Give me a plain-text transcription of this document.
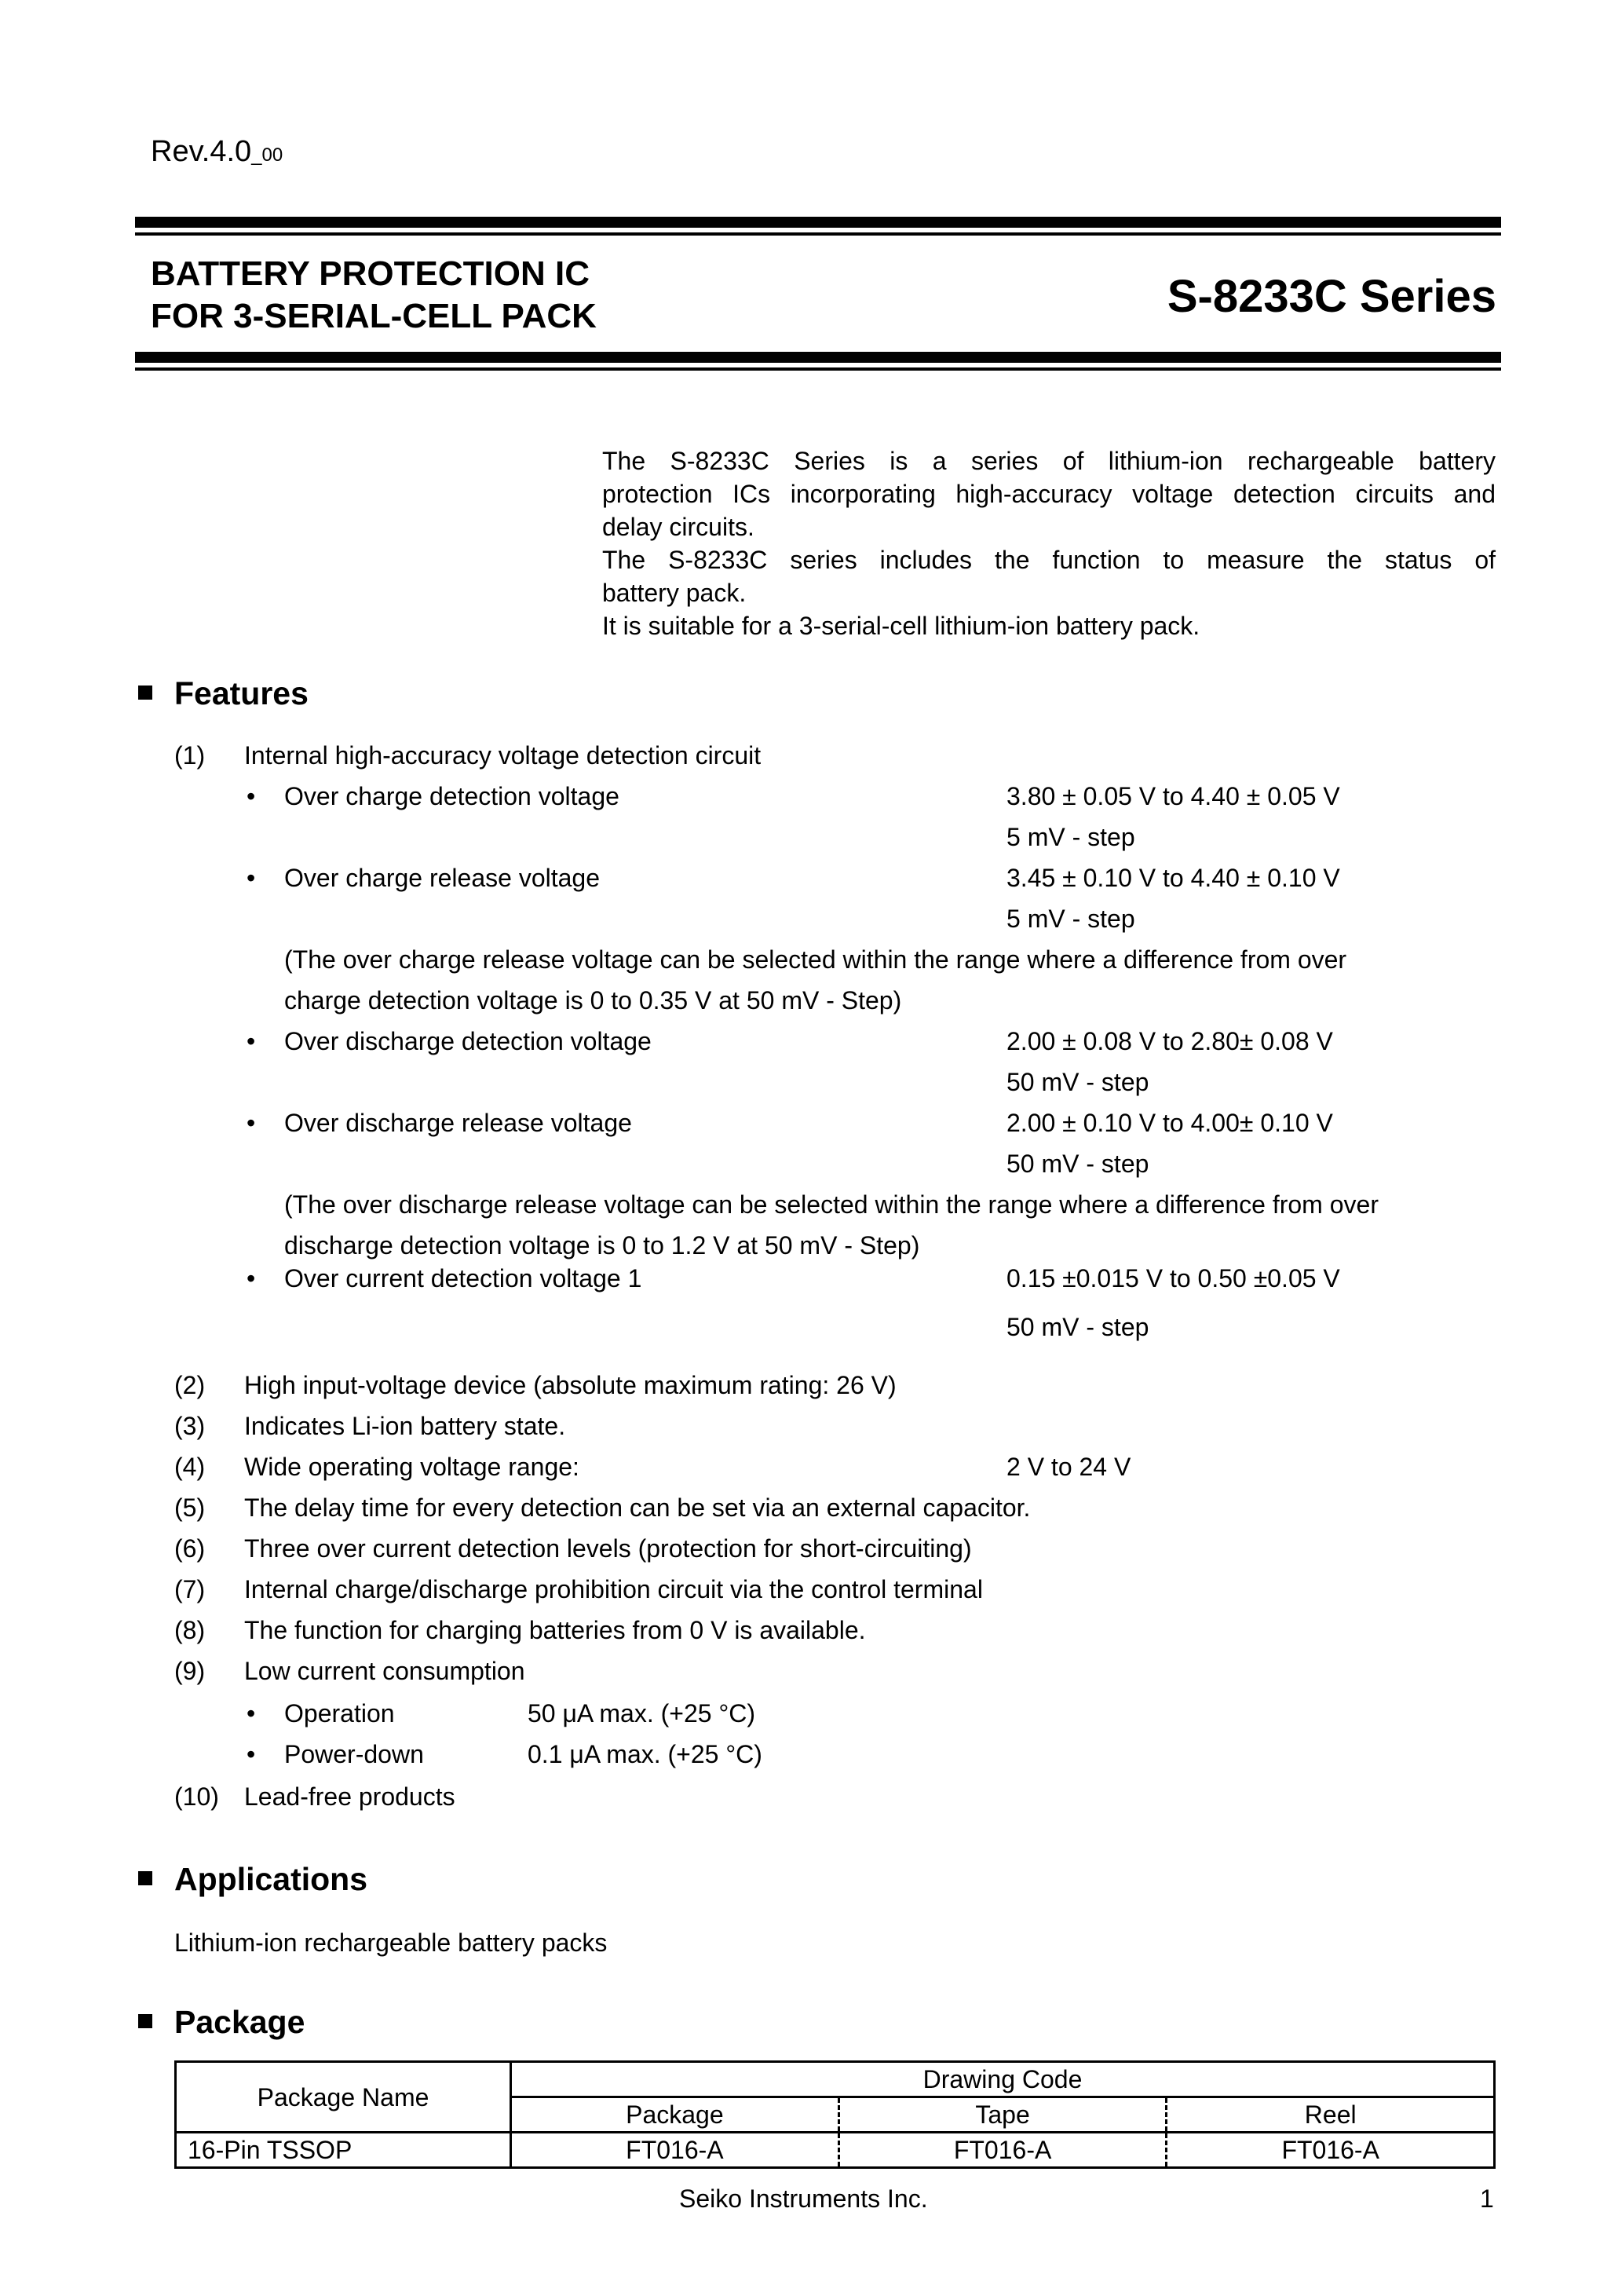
Rev.4.0_00
BATTERY PROTECTION IC
FOR 3-SERIAL-CELL PACK	S-8233C Series

The S-8233C Series is a series of lithium-ion rechargeable battery

protection ICs incorporating high-accuracy voltage detection circuits and

delay circuits.

The S-8233C series includes the function to measure the status of

battery pack.

It is suitable for a 3-serial-cell lithium-ion battery pack.

Features
(1) Internal high-accuracy voltage detection circuit
• Over charge detection voltage	3.80 ± 0.05 V to 4.40 ± 0.05 V
5 mV - step
• Over charge release voltage	3.45 ± 0.10 V to 4.40 ± 0.10 V
5 mV - step
(The over charge release voltage can be selected within the range where a difference from over
charge detection voltage is 0 to 0.35 V at 50 mV - Step)
• Over discharge detection voltage	2.00 ± 0.08 V to 2.80± 0.08 V
50 mV - step
• Over discharge release voltage	2.00 ± 0.10 V to 4.00± 0.10 V
50 mV - step
(The over discharge release voltage can be selected within the range where a difference from over
discharge detection voltage is 0 to 1.2 V at 50 mV - Step)
• Over current detection voltage 1	0.15 ±0.015 V to 0.50 ±0.05 V
50 mV - step
(2) High input-voltage device (absolute maximum rating: 26 V)
(3) Indicates Li-ion battery state.
(4) Wide operating voltage range:	2 V to 24 V
(5) The delay time for every detection can be set via an external capacitor.
(6) Three over current detection levels (protection for short-circuiting)
(7) Internal charge/discharge prohibition circuit via the control terminal
(8) The function for charging batteries from 0 V is available.
(9) Low current consumption
• Operation	50 μA max. (+25 °C)
• Power-down	0.1 μA max. (+25 °C)
(10) Lead-free products
Applications
Lithium-ion rechargeable battery packs
Package
Package Name	Drawing Code		
	Package	Tape	Reel
16-Pin TSSOP	FT016-A	FT016-A	FT016-A
Seiko Instruments Inc.	1
